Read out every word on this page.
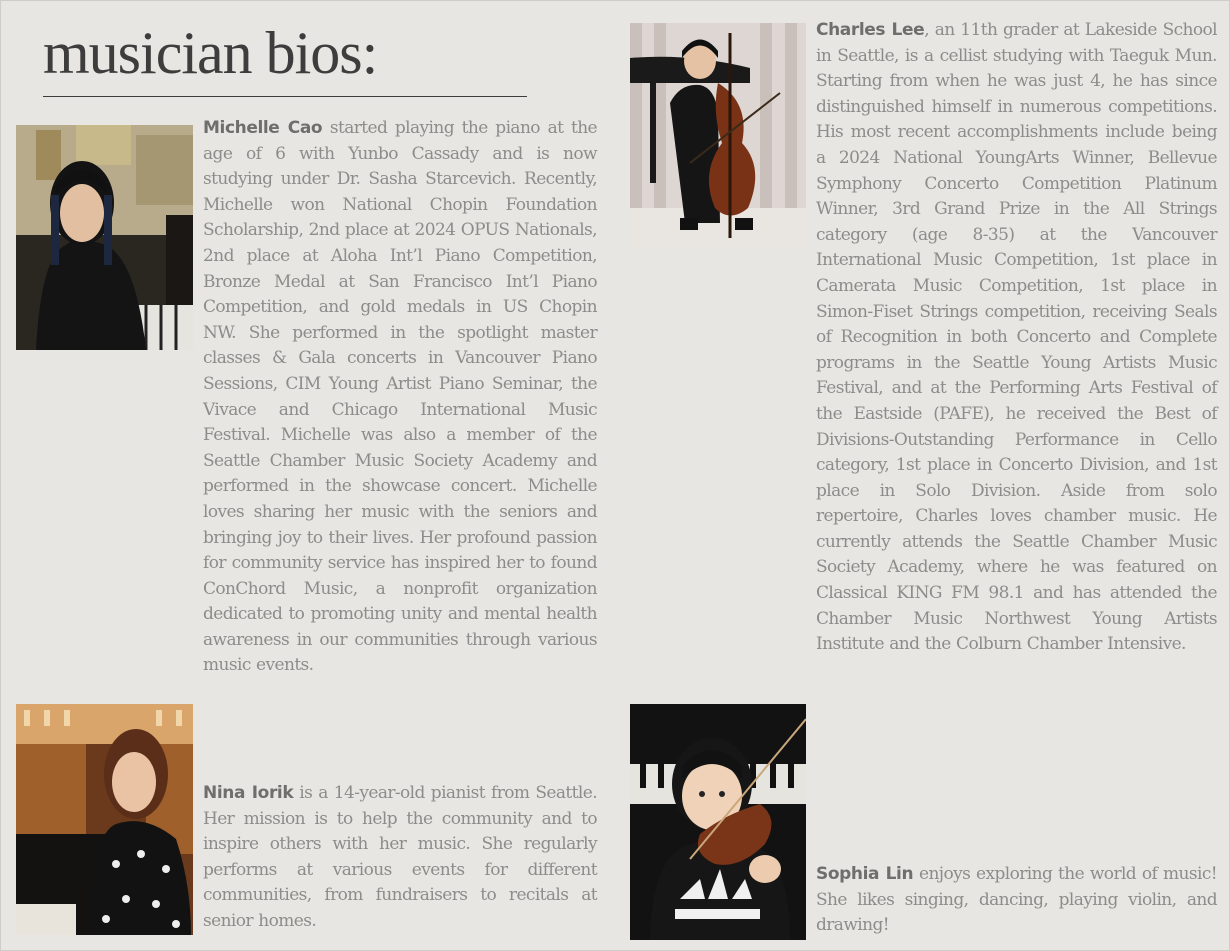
musician bios:

Michelle Cao started playing the piano at the age of 6 with Yunbo Cassady and is now studying under Dr. Sasha Starcevich. Recently, Michelle won National Chopin Foundation Scholarship, 2nd place at 2024 OPUS Nationals, 2nd place at Aloha Int’l Piano Competition, Bronze Medal at San Francisco Int’l Piano Competition, and gold medals in US Chopin NW. She performed in the spotlight master classes & Gala concerts in Vancouver Piano Sessions, CIM Young Artist Piano Seminar, the Vivace and Chicago International Music Festival. Michelle was also a member of the Seattle Chamber Music Society Academy and performed in the showcase concert. Michelle loves sharing her music with the seniors and bringing joy to their lives. Her profound passion for community service has inspired her to found ConChord Music, a nonprofit organization dedicated to promoting unity and mental health awareness in our communities through various music events.

Nina Iorik is a 14-year-old pianist from Seattle. Her mission is to help the community and to inspire others with her music. She regularly performs at various events for different communities, from fundraisers to recitals at senior homes.

Charles Lee, an 11th grader at Lakeside School in Seattle, is a cellist studying with Taeguk Mun. Starting from when he was just 4, he has since distinguished himself in numerous competitions. His most recent accomplishments include being a 2024 National YoungArts Winner, Bellevue Symphony Concerto Competition Platinum Winner, 3rd Grand Prize in the All Strings category (age 8-35) at the Vancouver International Music Competition, 1st place in Camerata Music Competition, 1st place in Simon-Fiset Strings competition, receiving Seals of Recognition in both Concerto and Complete programs in the Seattle Young Artists Music Festival, and at the Performing Arts Festival of the Eastside (PAFE), he received the Best of Divisions-Outstanding Performance in Cello category, 1st place in Concerto Division, and 1st place in Solo Division. Aside from solo repertoire, Charles loves chamber music. He currently attends the Seattle Chamber Music Society Academy, where he was featured on Classical KING FM 98.1 and has attended the Chamber Music Northwest Young Artists Institute and the Colburn Chamber Intensive.

Sophia Lin enjoys exploring the world of music! She likes singing, dancing, playing violin, and drawing!
